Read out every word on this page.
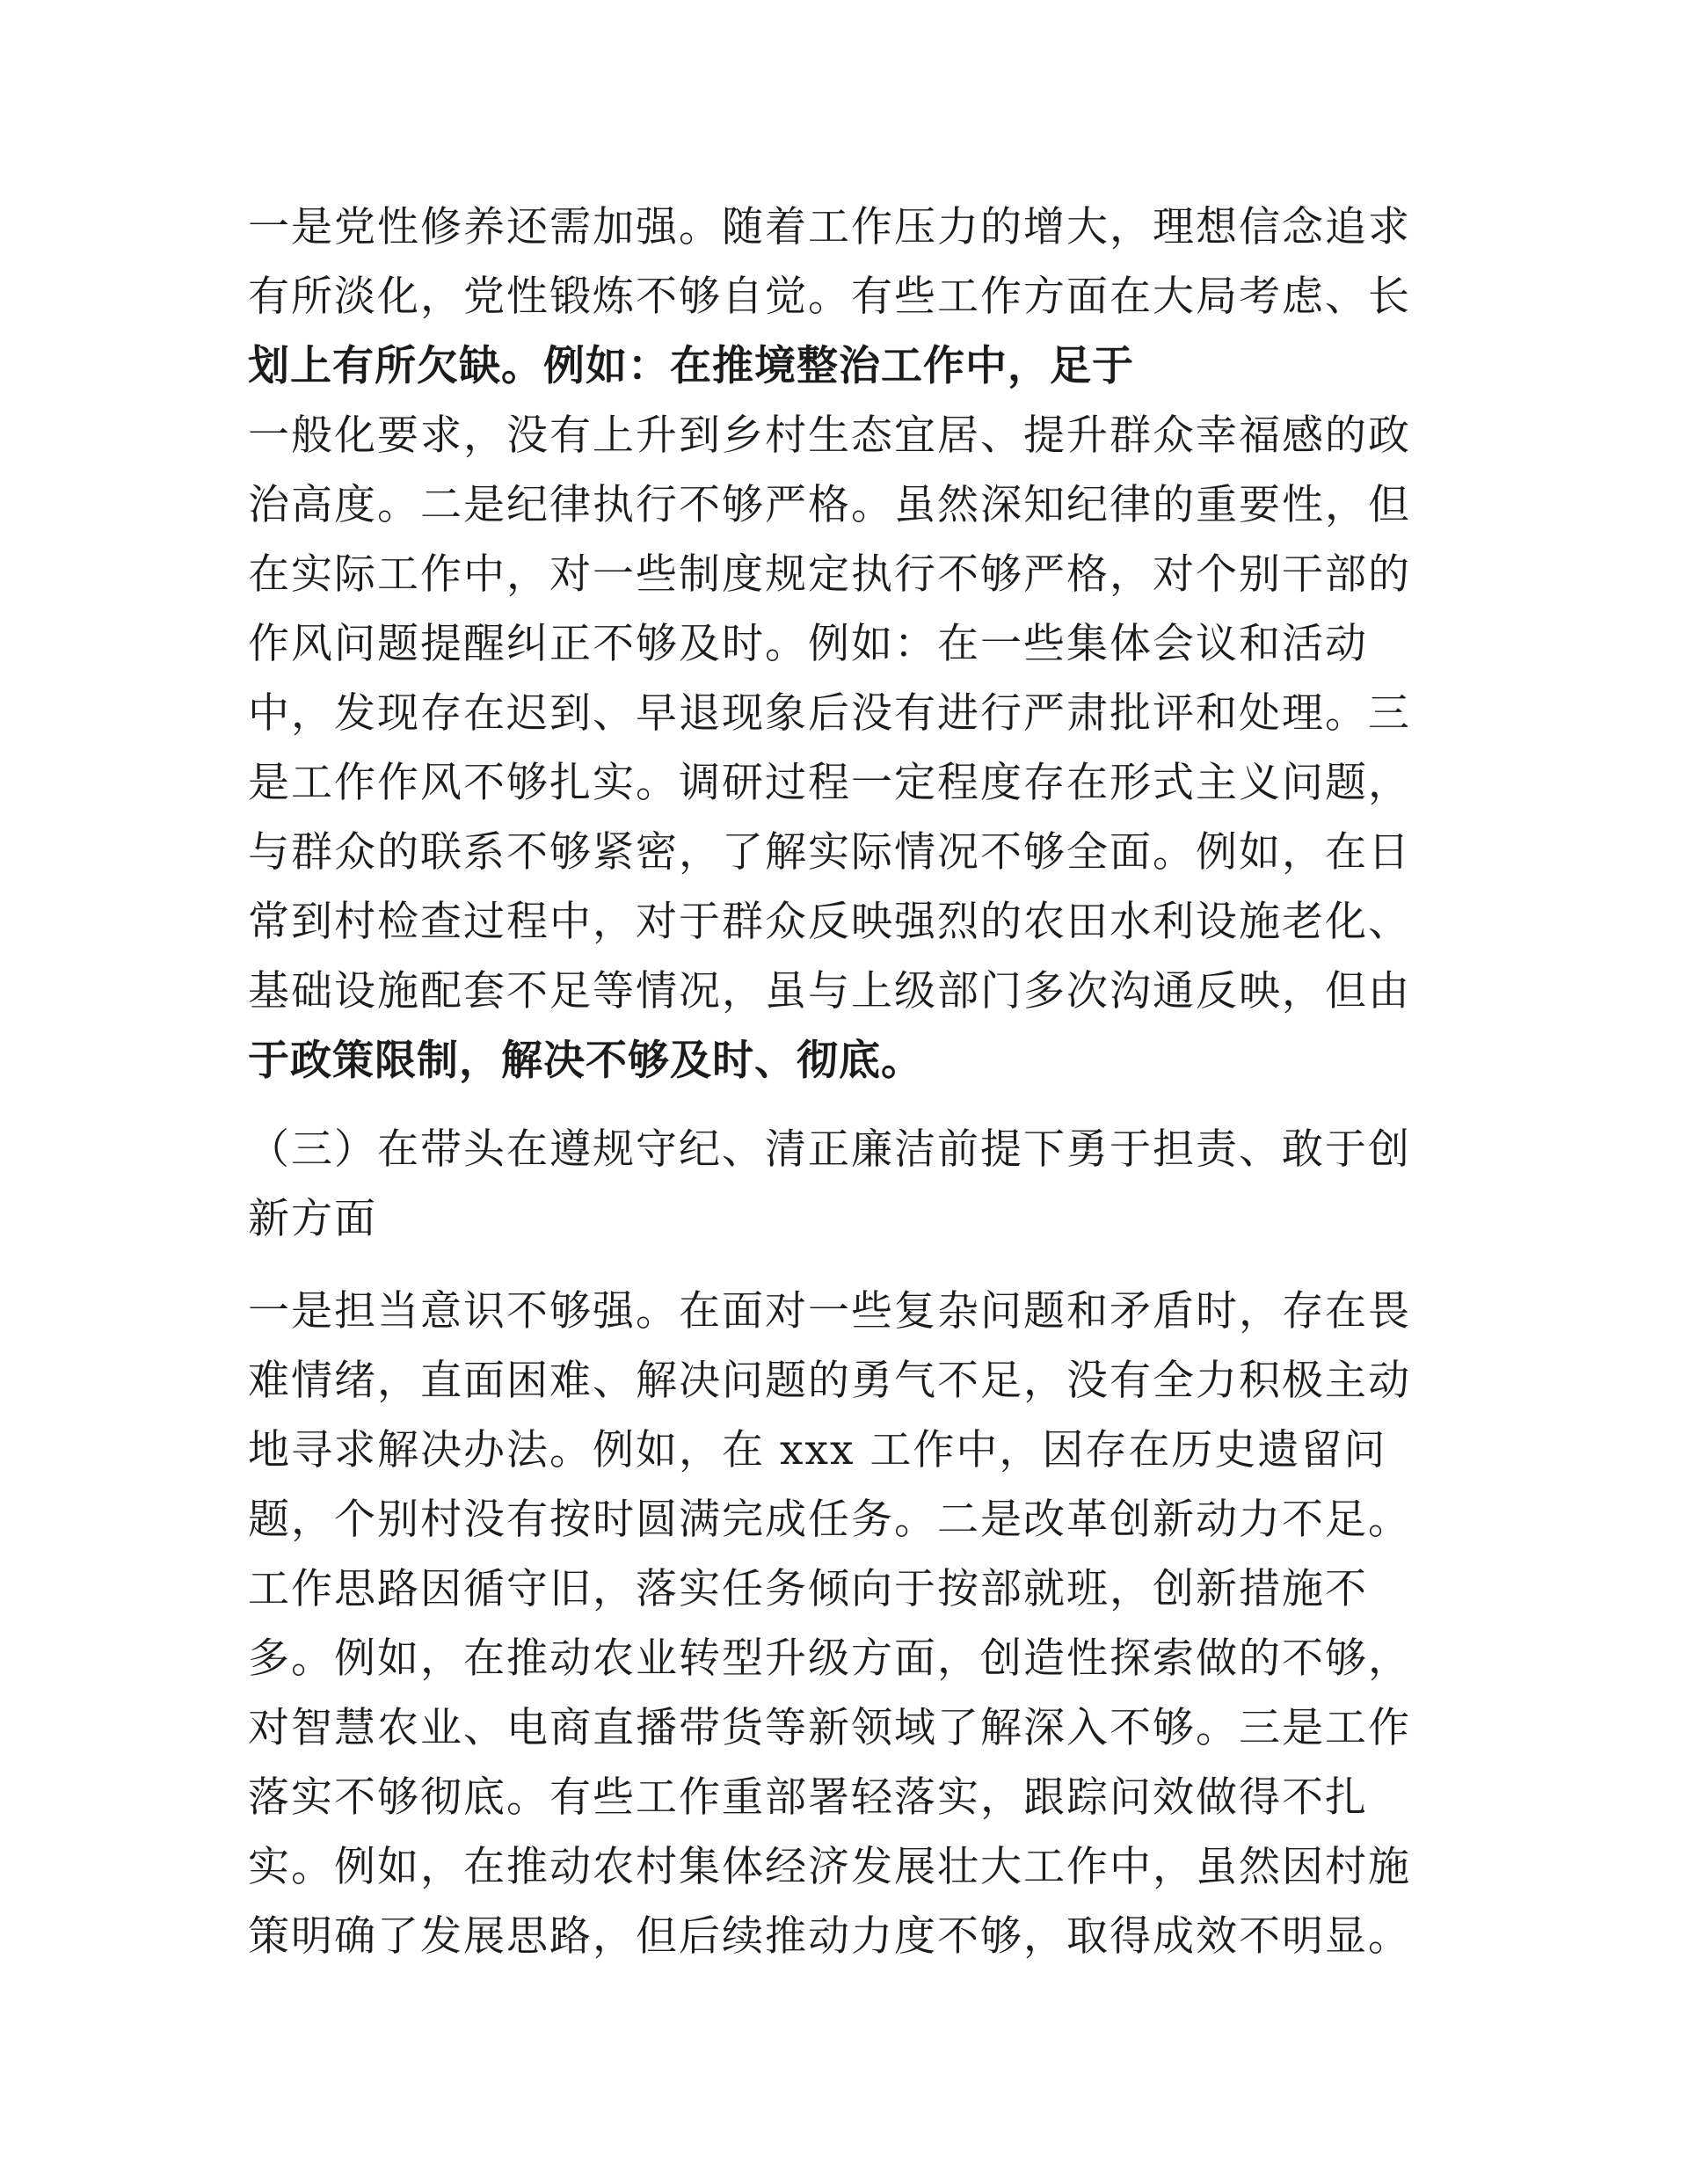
一是党性修养还需加强。随着工作压力的增大，理想信念追求
有所淡化，党性锻炼不够自觉。有些工作方面在大局考虑、长
划上有所欠缺。例如：在推境整治工作中，足于
一般化要求，没有上升到乡村生态宜居、提升群众幸福感的政
治高度。二是纪律执行不够严格。虽然深知纪律的重要性，但
在实际工作中，对一些制度规定执行不够严格，对个别干部的
作风问题提醒纠正不够及时。例如：在一些集体会议和活动
中，发现存在迟到、早退现象后没有进行严肃批评和处理。三
是工作作风不够扎实。调研过程一定程度存在形式主义问题，
与群众的联系不够紧密，了解实际情况不够全面。例如，在日
常到村检查过程中，对于群众反映强烈的农田水利设施老化、
基础设施配套不足等情况，虽与上级部门多次沟通反映，但由
于政策限制，解决不够及时、彻底。
（三）在带头在遵规守纪、清正廉洁前提下勇于担责、敢于创
新方面
一是担当意识不够强。在面对一些复杂问题和矛盾时，存在畏
难情绪，直面困难、解决问题的勇气不足，没有全力积极主动
地寻求解决办法。例如，在 xxx 工作中，因存在历史遗留问
题，个别村没有按时圆满完成任务。二是改革创新动力不足。
工作思路因循守旧，落实任务倾向于按部就班，创新措施不
多。例如，在推动农业转型升级方面，创造性探索做的不够，
对智慧农业、电商直播带货等新领域了解深入不够。三是工作
落实不够彻底。有些工作重部署轻落实，跟踪问效做得不扎
实。例如，在推动农村集体经济发展壮大工作中，虽然因村施
策明确了发展思路，但后续推动力度不够，取得成效不明显。
